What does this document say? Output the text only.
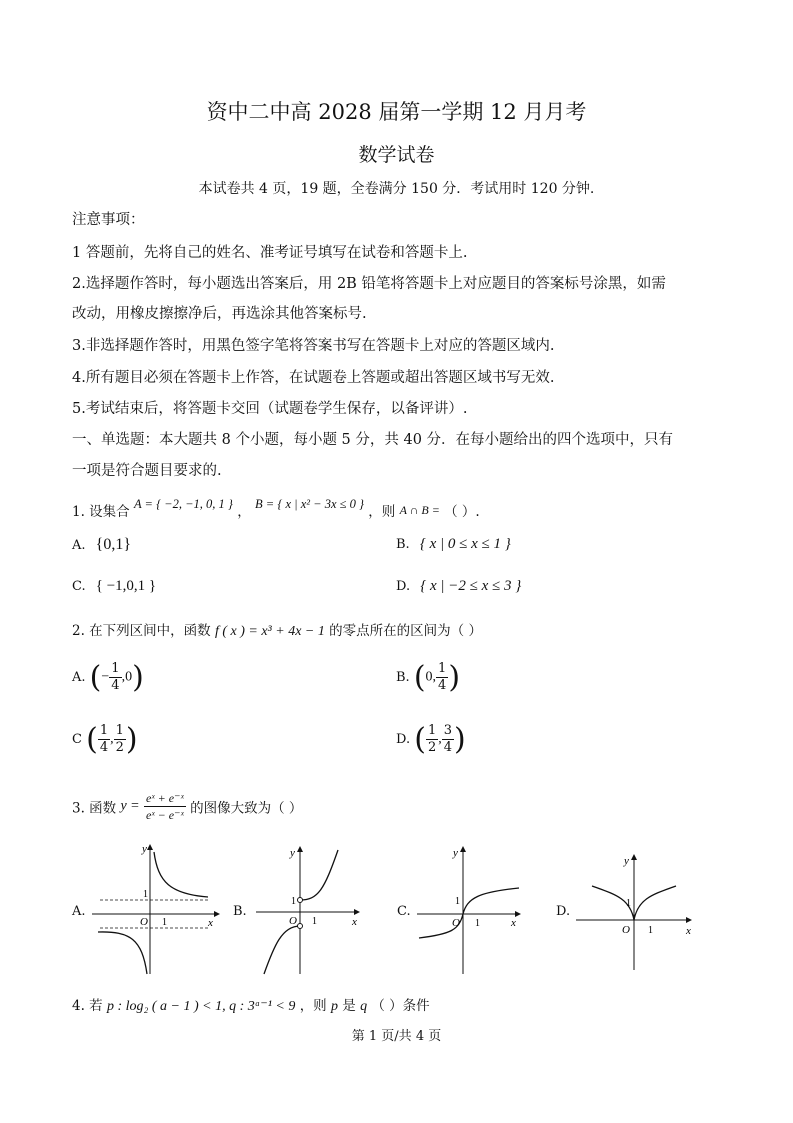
资中二中高 2028 届第一学期 12 月月考
数学试卷
本试卷共 4 页，19 题，全卷满分 150 分．考试用时 120 分钟.
注意事项：
1 答题前，先将自己的姓名、准考证号填写在试卷和答题卡上.
2.选择题作答时，每小题选出答案后，用 2B 铅笔将答题卡上对应题目的答案标号涂黑，如需
改动，用橡皮擦擦净后，再选涂其他答案标号.
3.非选择题作答时，用黑色签字笔将答案书写在答题卡上对应的答题区域内.
4.所有题目必须在答题卡上作答，在试题卷上答题或超出答题区域书写无效.
5.考试结束后，将答题卡交回（试题卷学生保存，以备评讲）.
一、单选题：本大题共 8 个小题，每小题 5 分，共 40 分．在每小题给出的四个选项中，只有
一项是符合题目要求的.
1. 设集合 A = { −2, −1, 0, 1 } ， B = { x | x² − 3x ≤ 0 } ，则 A ∩ B = （ ）.
A. {0,1}	B. { x | 0 ≤ x ≤ 1 }
C. { −1,0,1 }	D. { x | −2 ≤ x ≤ 3 }
2. 在下列区间中，函数 f ( x ) = x³ + 4x − 1 的零点所在的区间为（ ）
A. (− $\frac{1}{4} ,0$)	B. (0, $\frac{1}{4}$ )
C ( $\frac{1}{4}$ , $\frac{1}{2}$ )	D. ( $\frac{1}{2}$ , $\frac{3}{4}$ )
3. 函数 $y = \frac{\text{eˣ + e⁻ˣ}}{\text{eˣ − e⁻ˣ}}$ 的图像大致为（ ）
A.	B.	C.	D.
y
x
O
1
1
y
x
O
1
1
y
x
O
1
1
y
x
O
1
1
4. 若 p : log₂ ( a − 1 ) < 1, q : 3ᵃ⁻¹ < 9 ，则 p 是 q （ ）条件
第 1 页/共 4 页
